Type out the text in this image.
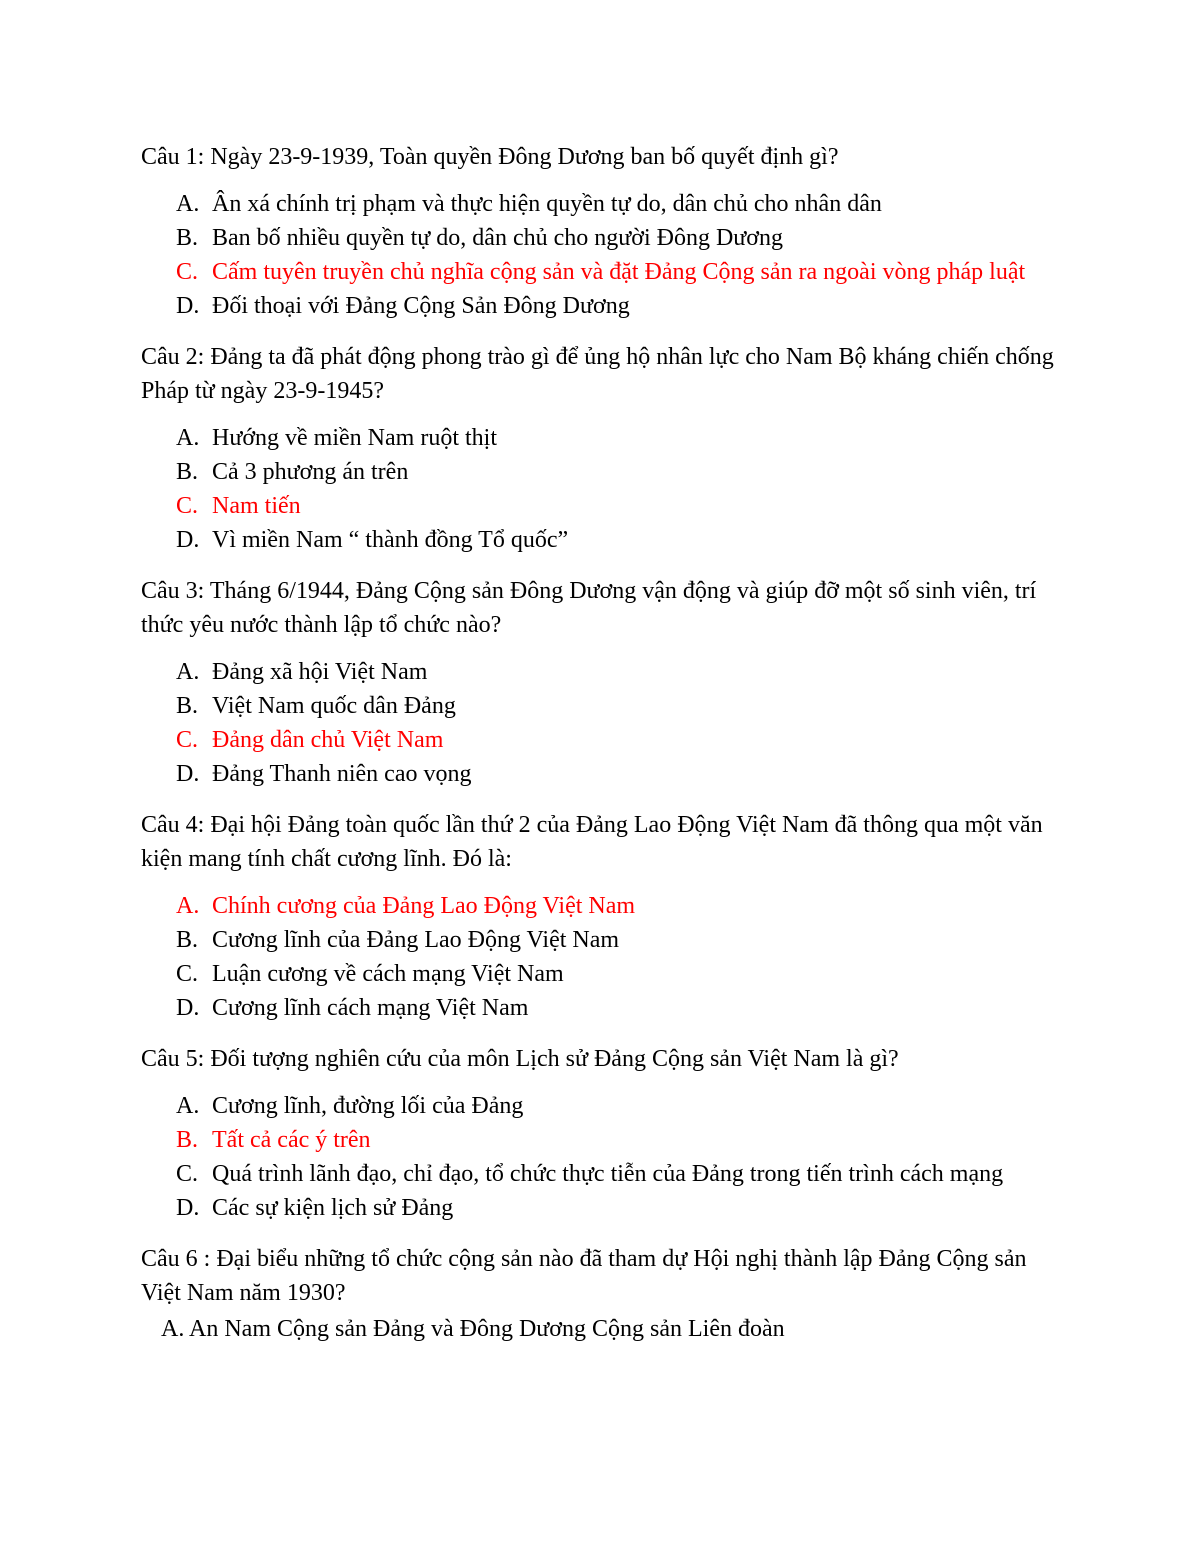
Câu 1: Ngày 23-9-1939, Toàn quyền Đông Dương ban bố quyết định gì?

A. Ân xá chính trị phạm và thực hiện quyền tự do, dân chủ cho nhân dân
B. Ban bố nhiều quyền tự do, dân chủ cho người Đông Dương
C. Cấm tuyên truyền chủ nghĩa cộng sản và đặt Đảng Cộng sản ra ngoài vòng pháp luật
D. Đối thoại với Đảng Cộng Sản Đông Dương

Câu 2: Đảng ta đã phát động phong trào gì để ủng hộ nhân lực cho Nam Bộ kháng chiến chống Pháp từ ngày 23-9-1945?

A. Hướng về miền Nam ruột thịt
B. Cả 3 phương án trên
C. Nam tiến
D. Vì miền Nam “ thành đồng Tổ quốc”

Câu 3: Tháng 6/1944, Đảng Cộng sản Đông Dương vận động và giúp đỡ một số sinh viên, trí thức yêu nước thành lập tổ chức nào?

A. Đảng xã hội Việt Nam
B. Việt Nam quốc dân Đảng
C. Đảng dân chủ Việt Nam
D. Đảng Thanh niên cao vọng

Câu 4: Đại hội Đảng toàn quốc lần thứ 2 của Đảng Lao Động Việt Nam đã thông qua một văn kiện mang tính chất cương lĩnh. Đó là:

A. Chính cương của Đảng Lao Động Việt Nam
B. Cương lĩnh của Đảng Lao Động Việt Nam
C. Luận cương về cách mạng Việt Nam
D. Cương lĩnh cách mạng Việt Nam

Câu 5: Đối tượng nghiên cứu của môn Lịch sử Đảng Cộng sản Việt Nam là gì?

A. Cương lĩnh, đường lối của Đảng
B. Tất cả các ý trên
C. Quá trình lãnh đạo, chỉ đạo, tổ chức thực tiễn của Đảng trong tiến trình cách mạng
D. Các sự kiện lịch sử Đảng

Câu 6 : Đại biểu những tổ chức cộng sản nào đã tham dự Hội nghị thành lập Đảng Cộng sản Việt Nam năm 1930?

A. An Nam Cộng sản Đảng và Đông Dương Cộng sản Liên đoàn
